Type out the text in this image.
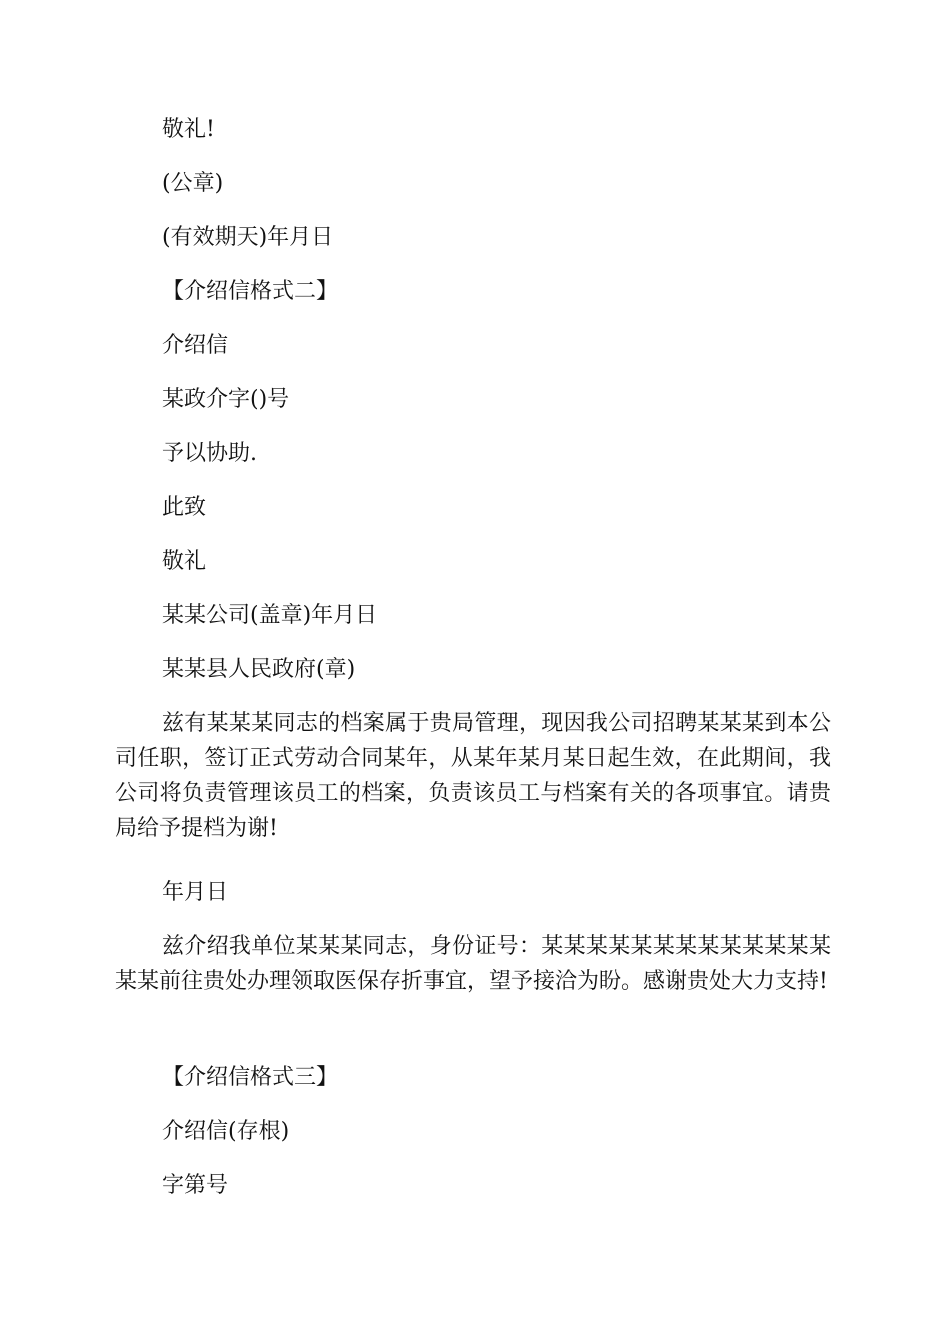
敬礼!
(公章)
(有效期天)年月日
【介绍信格式二】
介绍信
某政介字()号
予以协助.
此致
敬礼
某某公司(盖章)年月日
某某县人民政府(章)
兹有某某某同志的档案属于贵局管理，现因我公司招聘某某某到本公司任职，签订正式劳动合同某年，从某年某月某日起生效，在此期间，我公司将负责管理该员工的档案，负责该员工与档案有关的各项事宜。请贵局给予提档为谢!
年月日
兹介绍我单位某某某同志，身份证号：某某某某某某某某某某某某某某某前往贵处办理领取医保存折事宜，望予接洽为盼。感谢贵处大力支持!
【介绍信格式三】
介绍信(存根)
字第号
